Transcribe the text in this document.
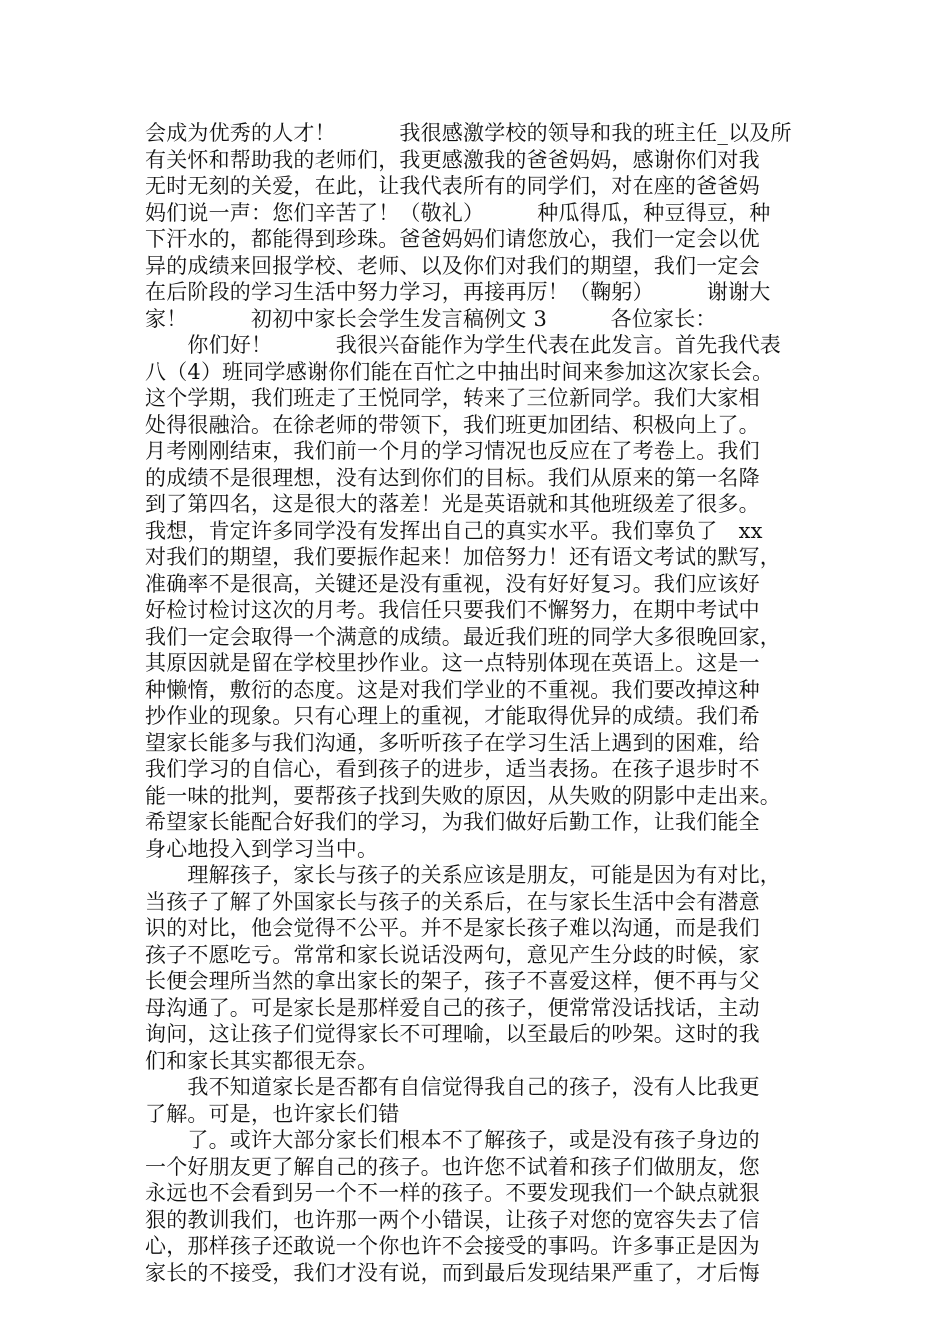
会成为优秀的人才！　　　我很感激学校的领导和我的班主任_以及所
有关怀和帮助我的老师们，我更感激我的爸爸妈妈，感谢你们对我
无时无刻的关爱，在此，让我代表所有的同学们，对在座的爸爸妈
妈们说一声：您们辛苦了！（敬礼）　　　种瓜得瓜，种豆得豆，种
下汗水的，都能得到珍珠。爸爸妈妈们请您放心，我们一定会以优
异的成绩来回报学校、老师、以及你们对我们的期望，我们一定会
在后阶段的学习生活中努力学习，再接再厉！（鞠躬）　　　谢谢大
家！　　　初初中家长会学生发言稿例文 3　　　各位家长：
　　你们好！　　　我很兴奋能作为学生代表在此发言。首先我代表
八（4）班同学感谢你们能在百忙之中抽出时间来参加这次家长会。
这个学期，我们班走了王悦同学，转来了三位新同学。我们大家相
处得很融洽。在徐老师的带领下，我们班更加团结、积极向上了。
月考刚刚结束，我们前一个月的学习情况也反应在了考卷上。我们
的成绩不是很理想，没有达到你们的目标。我们从原来的第一名降
到了第四名，这是很大的落差！光是英语就和其他班级差了很多。
我想，肯定许多同学没有发挥出自己的真实水平。我们辜负了　xx
对我们的期望，我们要振作起来！加倍努力！还有语文考试的默写，
准确率不是很高，关键还是没有重视，没有好好复习。我们应该好
好检讨检讨这次的月考。我信任只要我们不懈努力，在期中考试中
我们一定会取得一个满意的成绩。最近我们班的同学大多很晚回家，
其原因就是留在学校里抄作业。这一点特别体现在英语上。这是一
种懒惰，敷衍的态度。这是对我们学业的不重视。我们要改掉这种
抄作业的现象。只有心理上的重视，才能取得优异的成绩。我们希
望家长能多与我们沟通，多听听孩子在学习生活上遇到的困难，给
我们学习的自信心，看到孩子的进步，适当表扬。在孩子退步时不
能一味的批判，要帮孩子找到失败的原因，从失败的阴影中走出来。
希望家长能配合好我们的学习，为我们做好后勤工作，让我们能全
身心地投入到学习当中。
　　理解孩子，家长与孩子的关系应该是朋友，可能是因为有对比，
当孩子了解了外国家长与孩子的关系后，在与家长生活中会有潜意
识的对比，他会觉得不公平。并不是家长孩子难以沟通，而是我们
孩子不愿吃亏。常常和家长说话没两句，意见产生分歧的时候，家
长便会理所当然的拿出家长的架子，孩子不喜爱这样，便不再与父
母沟通了。可是家长是那样爱自己的孩子，便常常没话找话，主动
询问，这让孩子们觉得家长不可理喻，以至最后的吵架。这时的我
们和家长其实都很无奈。
　　我不知道家长是否都有自信觉得我自己的孩子，没有人比我更
了解。可是，也许家长们错
　　了。或许大部分家长们根本不了解孩子，或是没有孩子身边的
一个好朋友更了解自己的孩子。也许您不试着和孩子们做朋友，您
永远也不会看到另一个不一样的孩子。不要发现我们一个缺点就狠
狠的教训我们，也许那一两个小错误，让孩子对您的宽容失去了信
心，那样孩子还敢说一个你也许不会接受的事吗。许多事正是因为
家长的不接受，我们才没有说，而到最后发现结果严重了，才后悔
